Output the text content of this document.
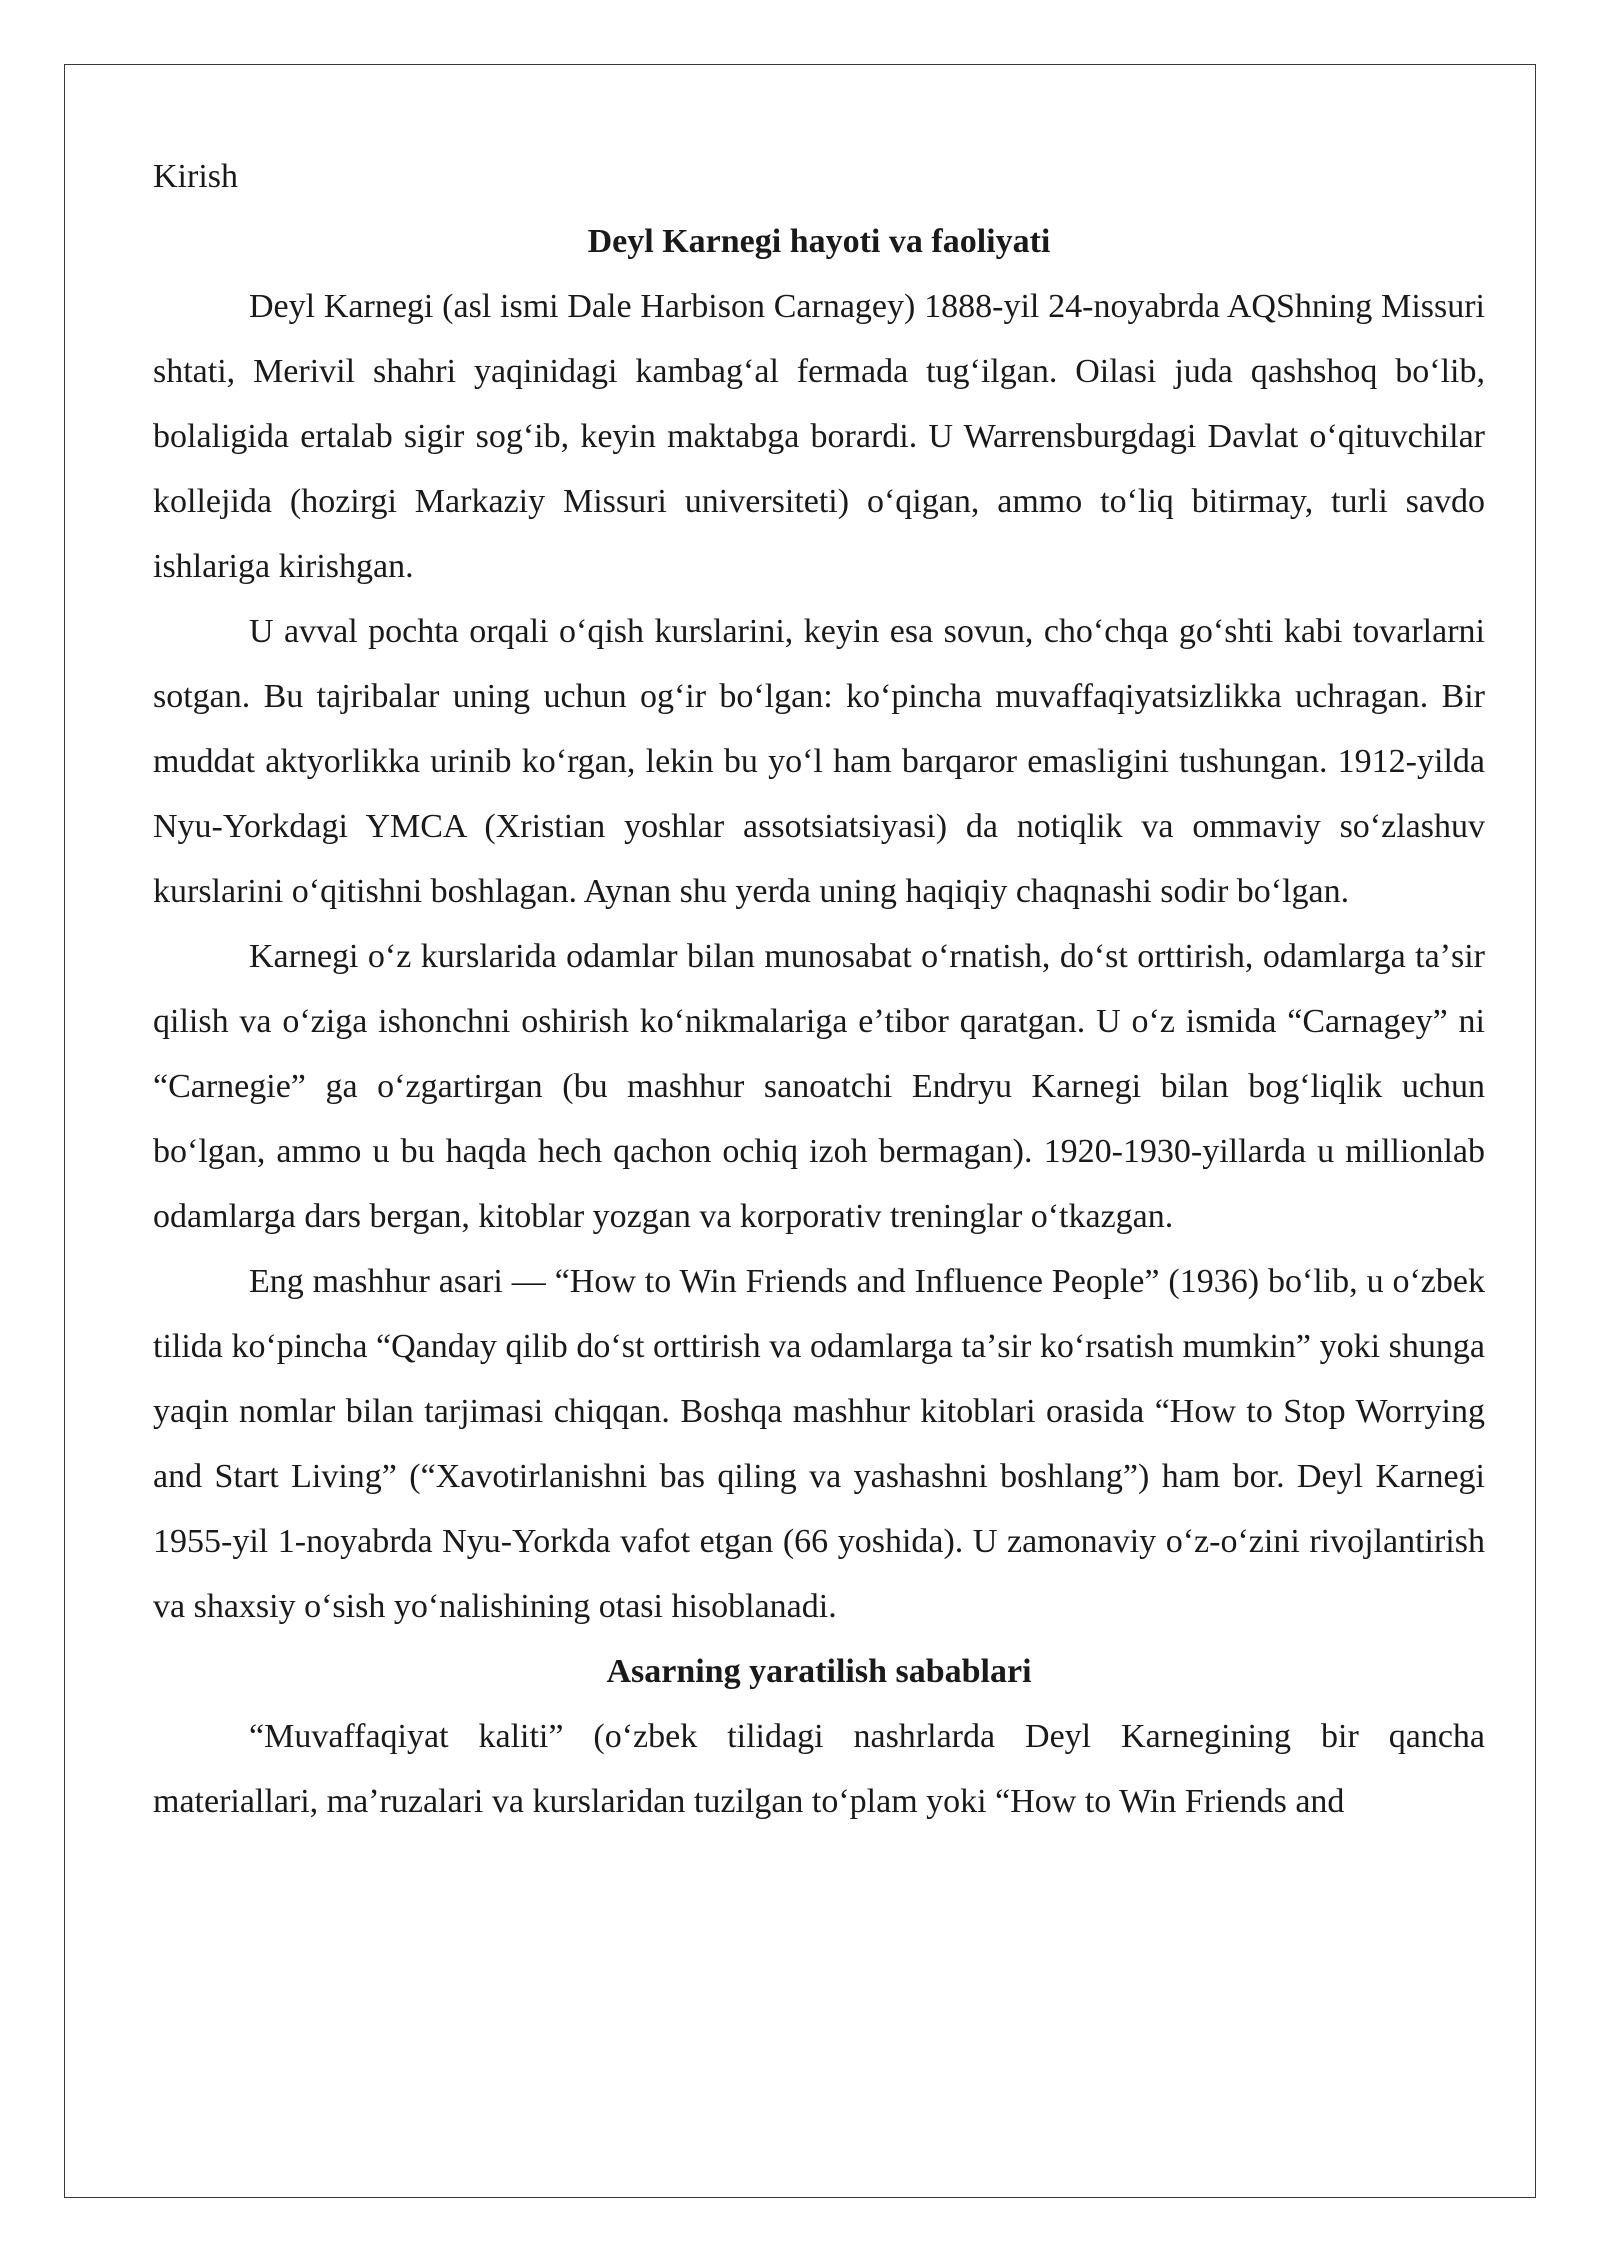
Kirish

Deyl Karnegi hayoti va faoliyati

Deyl Karnegi (asl ismi Dale Harbison Carnagey) 1888-yil 24-noyabrda AQShning Missuri shtati, Merivil shahri yaqinidagi kambagʻal fermada tugʻilgan. Oilasi juda qashshoq boʻlib, bolaligida ertalab sigir sogʻib, keyin maktabga borardi. U Warrensburgdagi Davlat oʻqituvchilar kollejida (hozirgi Markaziy Missuri universiteti) oʻqigan, ammo toʻliq bitirmay, turli savdo ishlariga kirishgan.

U avval pochta orqali oʻqish kurslarini, keyin esa sovun, choʻchqa goʻshti kabi tovarlarni sotgan. Bu tajribalar uning uchun ogʻir boʻlgan: koʻpincha muvaffaqiyatsizlikka uchragan. Bir muddat aktyorlikka urinib koʻrgan, lekin bu yoʻl ham barqaror emasligini tushungan. 1912-yilda Nyu-Yorkdagi YMCA (Xristian yoshlar assotsiatsiyasi) da notiqlik va ommaviy soʻzlashuv kurslarini oʻqitishni boshlagan. Aynan shu yerda uning haqiqiy chaqnashi sodir boʻlgan.

Karnegi oʻz kurslarida odamlar bilan munosabat oʻrnatish, doʻst orttirish, odamlarga taʼsir qilish va oʻziga ishonchni oshirish koʻnikmalariga eʼtibor qaratgan. U oʻz ismida “Carnagey” ni “Carnegie” ga oʻzgartirgan (bu mashhur sanoatchi Endryu Karnegi bilan bogʻliqlik uchun boʻlgan, ammo u bu haqda hech qachon ochiq izoh bermagan). 1920-1930-yillarda u millionlab odamlarga dars bergan, kitoblar yozgan va korporativ treninglar oʻtkazgan.

Eng mashhur asari — “How to Win Friends and Influence People” (1936) boʻlib, u oʻzbek tilida koʻpincha “Qanday qilib doʻst orttirish va odamlarga taʼsir koʻrsatish mumkin” yoki shunga yaqin nomlar bilan tarjimasi chiqqan. Boshqa mashhur kitoblari orasida “How to Stop Worrying and Start Living” (“Xavotirlanishni bas qiling va yashashni boshlang”) ham bor. Deyl Karnegi 1955-yil 1-noyabrda Nyu-Yorkda vafot etgan (66 yoshida). U zamonaviy oʻz-oʻzini rivojlantirish va shaxsiy oʻsish yoʻnalishining otasi hisoblanadi.

Asarning yaratilish sabablari

“Muvaffaqiyat kaliti” (oʻzbek tilidagi nashrlarda Deyl Karnegining bir qancha materiallari, maʼruzalari va kurslaridan tuzilgan toʻplam yoki “How to Win Friends and
